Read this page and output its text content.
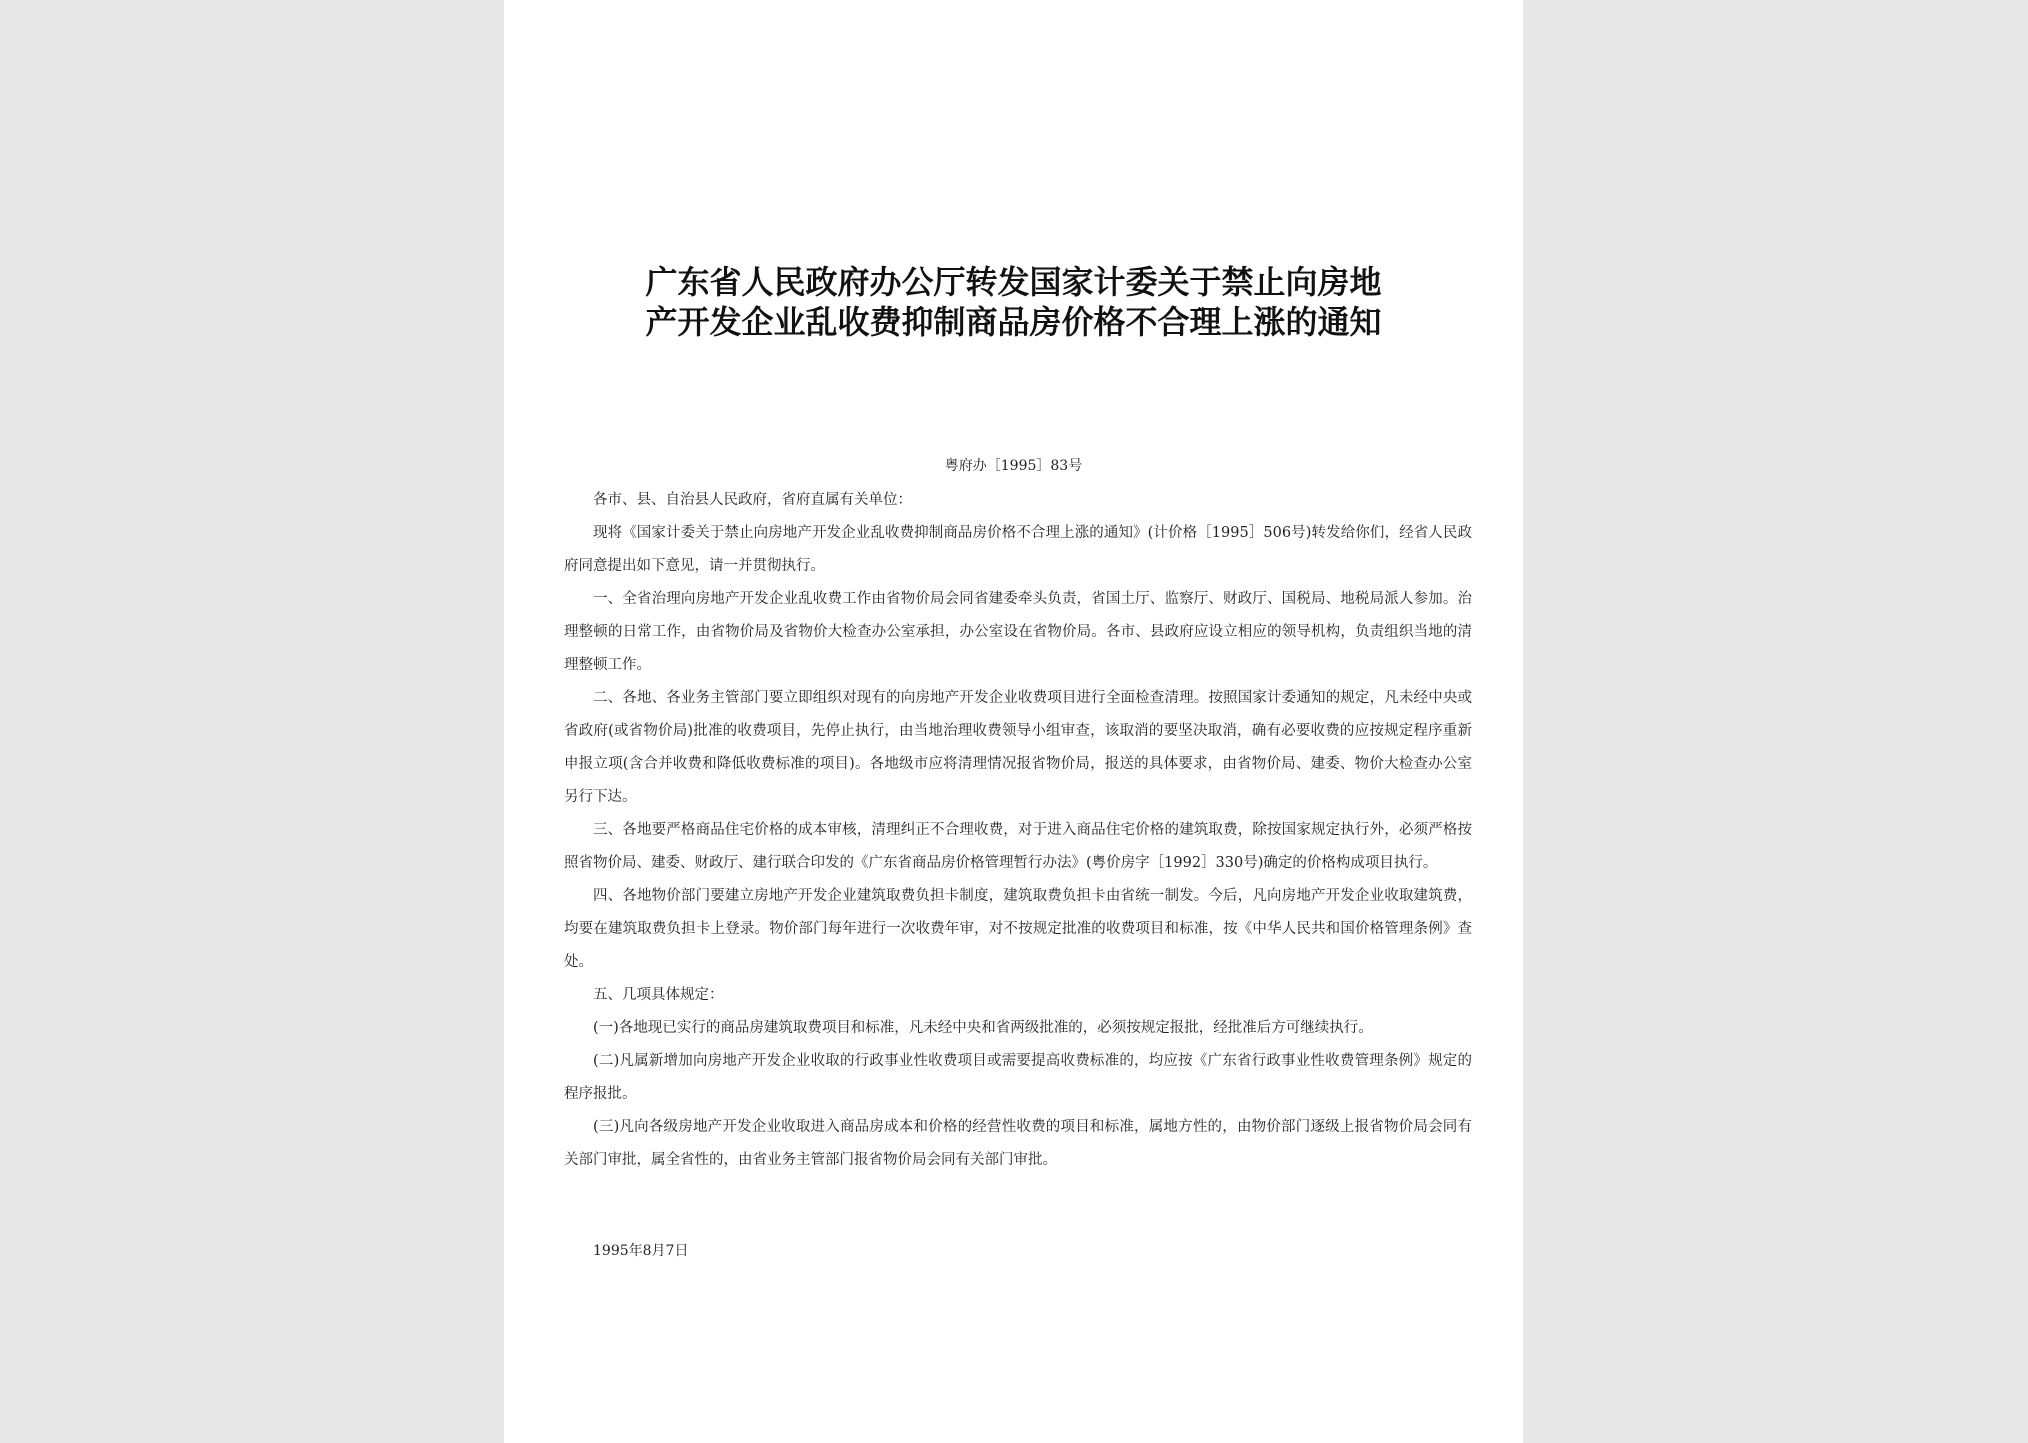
广东省人民政府办公厅转发国家计委关于禁止向房地
产开发企业乱收费抑制商品房价格不合理上涨的通知
粤府办［1995］83号

各市、县、自治县人民政府，省府直属有关单位：

现将《国家计委关于禁止向房地产开发企业乱收费抑制商品房价格不合理上涨的通知》(计价格［1995］506号)转发给你们，经省人民政府同意提出如下意见，请一并贯彻执行。

一、全省治理向房地产开发企业乱收费工作由省物价局会同省建委牵头负责，省国土厅、监察厅、财政厅、国税局、地税局派人参加。治理整顿的日常工作，由省物价局及省物价大检查办公室承担，办公室设在省物价局。各市、县政府应设立相应的领导机构，负责组织当地的清理整顿工作。

二、各地、各业务主管部门要立即组织对现有的向房地产开发企业收费项目进行全面检查清理。按照国家计委通知的规定，凡未经中央或省政府(或省物价局)批准的收费项目，先停止执行，由当地治理收费领导小组审查，该取消的要坚决取消，确有必要收费的应按规定程序重新申报立项(含合并收费和降低收费标准的项目)。各地级市应将清理情况报省物价局，报送的具体要求，由省物价局、建委、物价大检查办公室另行下达。

三、各地要严格商品住宅价格的成本审核，清理纠正不合理收费，对于进入商品住宅价格的建筑取费，除按国家规定执行外，必须严格按照省物价局、建委、财政厅、建行联合印发的《广东省商品房价格管理暂行办法》(粤价房字［1992］330号)确定的价格构成项目执行。

四、各地物价部门要建立房地产开发企业建筑取费负担卡制度，建筑取费负担卡由省统一制发。今后，凡向房地产开发企业收取建筑费，均要在建筑取费负担卡上登录。物价部门每年进行一次收费年审，对不按规定批准的收费项目和标准，按《中华人民共和国价格管理条例》查处。

五、几项具体规定：

(一)各地现已实行的商品房建筑取费项目和标准，凡未经中央和省两级批准的，必须按规定报批，经批准后方可继续执行。

(二)凡属新增加向房地产开发企业收取的行政事业性收费项目或需要提高收费标准的，均应按《广东省行政事业性收费管理条例》规定的程序报批。

(三)凡向各级房地产开发企业收取进入商品房成本和价格的经营性收费的项目和标准，属地方性的，由物价部门逐级上报省物价局会同有关部门审批，属全省性的，由省业务主管部门报省物价局会同有关部门审批。

1995年8月7日
